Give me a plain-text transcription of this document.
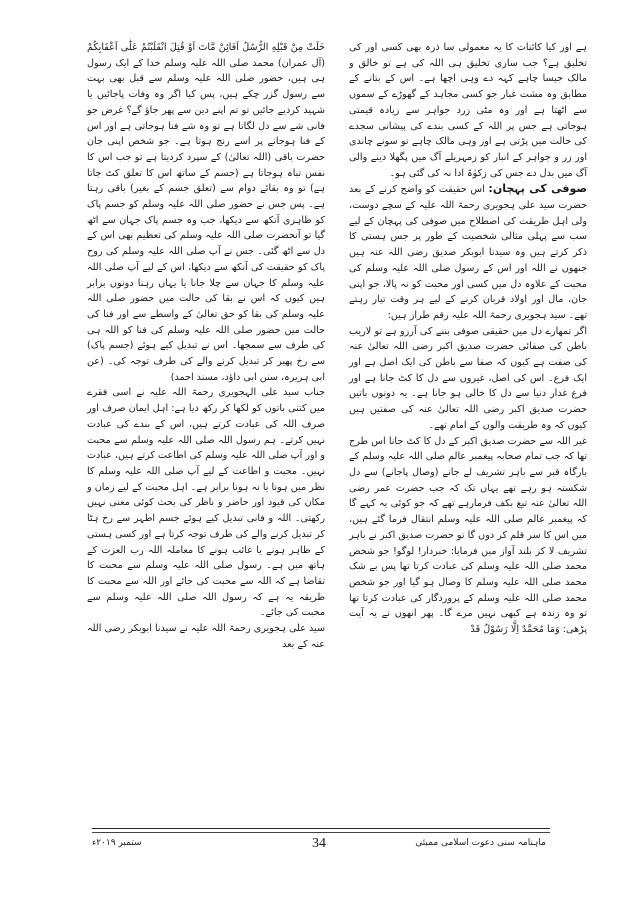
ہے اور کیا کائنات کا یہ معمولی سا ذرہ بھی کسی اور کی تخلیق ہے؟ جب ساری تخلیق ہی اللہ کی ہے تو خالق و مالک جیسا چاہے کہہ دے وہی اچھا ہے۔ اس کے بتانے کے مطابق وہ مشت غبار جو کسی مجاہد کے گھوڑے کے سموں سے اٹھتا ہے اور وہ مٹی زرد جواہر سے زیادہ قیمتی ہوجاتی ہے جس پر اللہ کے کسی بندے کی پیشانی سجدے کی حالت میں پڑتی ہے اور وہی مالک چاہے تو سونے چاندی اور زر و جواہر کے انبار کو زمہریلے آگ میں پگھلا دینے والی آگ میں بدل دے جس کی زکوٰۃ ادا نہ کی گئی ہو۔

صوفی کی پہچان: اس حقیقت کو واضح کرنے کے بعد حضرت سید علی ہجویری رحمۃ اللہ علیہ کے سچے دوست، ولی اہل طریقت کی اصطلاح میں صوفی کی پہچان کے لیے سب سے پہلی مثالی شخصیت کے طور پر جس ہستی کا ذکر کرتے ہیں وہ سیدنا ابوبکر صدیق رضی اللہ عنہ ہیں جنھوں نے اللہ اور اس کے رسول صلی اللہ علیہ وسلم کی محبت کے علاوہ دل میں کسی اور محبت کو نہ پالا، جو اپنی جان، مال اور اولاد قربان کرنے کے لیے ہر وقت تیار رہتے تھے۔ سید ہجویری رحمۃ اللہ علیہ رقم طراز ہیں:

اگر تمھارے دل میں حقیقی صوفی بننے کی آرزو ہے تو لاریب باطن کی صفائی حضرت صدیق اکبر رضی اللہ تعالیٰ عنہ کی صفت ہے کیوں کہ صفا سے باطن کی ایک اصل ہے اور ایک فرع۔ اس کی اصل، غیروں سے دل کا کٹ جانا ہے اور فرع غدار دنیا سے دل کا خالی ہو جانا ہے۔ یہ دونوں باتیں حضرت صدیق اکبر رضی اللہ تعالیٰ عنہ کی صفتیں ہیں کیوں کہ وہ طریقت والوں کے امام تھے۔

غیر اللہ سے حضرت صدیق اکبر کے دل کا کٹ جانا اس طرح تھا کہ جب تمام صحابہ پیغمبر عالم صلی اللہ علیہ وسلم کے بارگاہ قبر سے باہر تشریف لے جانے (وصال پاجانے) سے دل شکستہ ہو رہے تھے یہاں تک کہ جب حضرت عمر رضی اللہ تعالیٰ عنہ تیغ بکف فرمارہے تھے کہ جو کوئی یہ کہے گا کہ پیغمبر عالم صلی اللہ علیہ وسلم انتقال فرما گئے ہیں، میں اس کا سر قلم کر دوں گا تو حضرت صدیق اکبر نے باہر تشریف لا کر بلند آواز میں فرمایا: خبردار! لوگو! جو شخص محمد صلی اللہ علیہ وسلم کی عبادت کرتا تھا پس بے شک محمد صلی اللہ علیہ وسلم کا وصال ہو گیا اور جو شخص محمد صلی اللہ علیہ وسلم کے پروردگار کی عبادت کرتا تھا تو وہ زندہ ہے کبھی نہیں مرے گا۔ پھر انھوں نے یہ آیت پڑھی: وَمَا مُحَمَّدٌ اِلَّا رَسُوْلٌ قَدْ

خَلَتْ مِنْ قَبْلِهِ الرُّسُلُ اَفَائِنْ مَّاتَ اَوْ قُتِلَ انْقَلَبْتُمْ عَلٰٓى اَعْقَابِكُمْ (آل عمران) محمد صلی اللہ علیہ وسلم خدا کے ایک رسول ہی ہیں، حضور صلی اللہ علیہ وسلم سے قبل بھی بہت سے رسول گزر چکے ہیں، پس کیا اگر وہ وفات پاجائیں یا شہید کردیے جائیں تو تم اپنے دین سے پھر جاؤ گے؟ غرض جو فانی شے سے دل لگاتا ہے تو وہ شے فنا ہوجاتی ہے اور اس کے فنا ہوجانے پر اسے رنج ہوتا ہے۔ جو شخص اپنی جان حضرت باقی (اللہ تعالیٰ) کے سپرد کردیتا ہے تو جب اس کا نفس تباہ ہوجاتا ہے (جسم کے ساتھ اس کا تعلق کٹ جاتا ہے) تو وہ بقائے دوام سے (تعلق جسم کے بغیر) باقی رہتا ہے۔ پس جس نے حضور صلی اللہ علیہ وسلم کو جسم پاک کو ظاہری آنکھ سے دیکھا، جب وہ جسم پاک جہان سے اٹھ گیا تو آنحضرت صلی اللہ علیہ وسلم کی تعظیم بھی اس کے دل سے اٹھ گئی۔ جس نے آپ صلی اللہ علیہ وسلم کی روح پاک کو حقیقت کی آنکھ سے دیکھا، اس کے لیے آپ صلی اللہ علیہ وسلم کا جہان سے چلا جانا یا یہاں رہنا دونوں برابر ہیں کیوں کہ اس نے بقا کی حالت میں حضور صلی اللہ علیہ وسلم کی بقا کو حق تعالیٰ کے واسطے سے اور فنا کی حالت میں حضور صلی اللہ علیہ وسلم کی فنا کو اللہ ہی کی طرف سے سمجھا۔ اس نے تبدیل کیے ہوئے (جسم پاک) سے رخ پھیر کر تبدیل کرنے والے کی طرف توجہ کی۔ (عن ابی ہریرہ، سنن ابی داؤد، مسند احمد)

جناب سید علی الہجویری رحمۃ اللہ علیہ نے اسی فقرے میں کتنی باتوں کو لکھا کر رکھ دیا ہے: اہل ایمان صرف اور صرف اللہ کی عبادت کرتے ہیں، اس کے بندے کی عبادت نہیں کرتے۔ ہم رسول اللہ صلی اللہ علیہ وسلم سے محبت و اور آپ صلی اللہ علیہ وسلم کی اطاعت کرتے ہیں، عبادت نہیں۔ محبت و اطاعت کے لیے آپ صلی اللہ علیہ وسلم کا نظر میں ہونا یا نہ ہونا برابر ہے۔ اہل محبت کے لیے زمان و مکان کی قیود اور حاضر و ناظر کی بحث کوئی معنی نہیں رکھتی۔ اللہ و فانی تبدیل کیے ہوئے جسم اطہر سے رخ ہٹا کر تبدیل کرنے والے کی طرف توجہ کرتا ہے اور کسی ہستی کے ظاہر ہونے یا غائب ہونے کا معاملہ اللہ رب العزت کے ہاتھ میں ہے۔ رسول صلی اللہ علیہ وسلم سے محبت کا تقاضا ہے کہ اللہ سے محبت کی جائے اور اللہ سے محبت کا طریقہ یہ ہے کہ رسول اللہ صلی اللہ علیہ وسلم سے محبت کی جائے۔

سید علی ہجویری رحمۃ اللہ علیہ نے سیدنا ابوبکر رضی اللہ عنہ کے بعد

ماہنامہ سنی دعوت اسلامی ممبئی
34
ستمبر ۲۰۱۹ء
